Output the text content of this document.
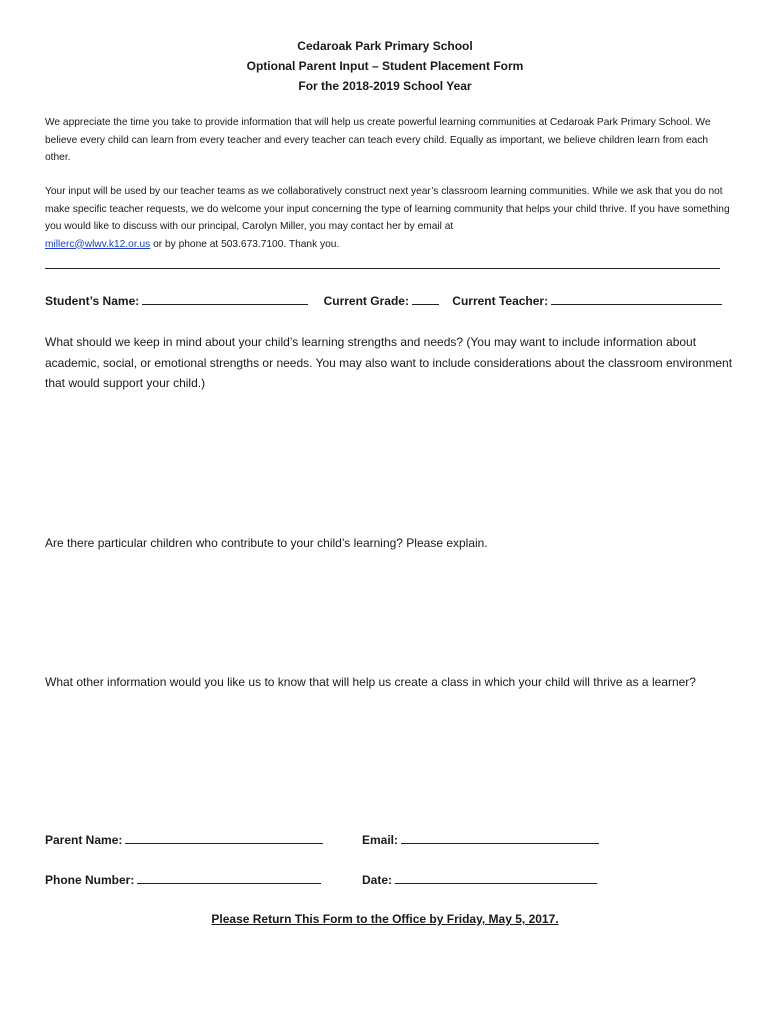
Cedaroak Park Primary School
Optional Parent Input – Student Placement Form
For the 2018-2019 School Year
We appreciate the time you take to provide information that will help us create powerful learning communities at Cedaroak Park Primary School. We believe every child can learn from every teacher and every teacher can teach every child. Equally as important, we believe children learn from each other.
Your input will be used by our teacher teams as we collaboratively construct next year’s classroom learning communities. While we ask that you do not make specific teacher requests, we do welcome your input concerning the type of learning community that helps your child thrive. If you have something you would like to discuss with our principal, Carolyn Miller, you may contact her by email at
millerc@wlwv.k12.or.us or by phone at 503.673.7100. Thank you.
Student’s Name:	Current Grade:	Current Teacher:
What should we keep in mind about your child’s learning strengths and needs? (You may want to include information about academic, social, or emotional strengths or needs. You may also want to include considerations about the classroom environment that would support your child.)
Are there particular children who contribute to your child’s learning? Please explain.
What other information would you like us to know that will help us create a class in which your child will thrive as a learner?
Parent Name:	Email:
Phone Number:	Date:
Please Return This Form to the Office by Friday, May 5, 2017.
